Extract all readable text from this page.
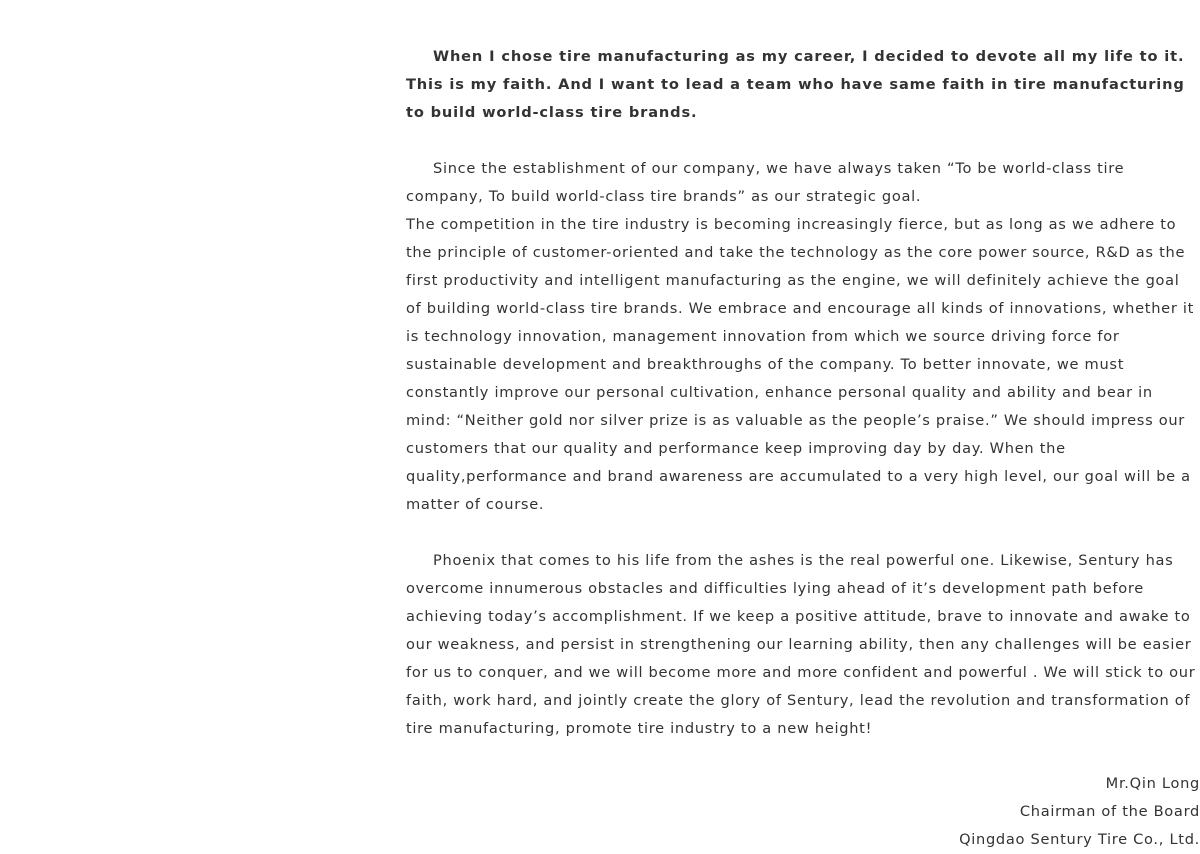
When I chose tire manufacturing as my career, I decided to devote all my life to it. This is my faith. And I want to lead a team who have same faith in tire manufacturing to build world-class tire brands.

Since the establishment of our company, we have always taken “To be world-class tire company, To build world-class tire brands” as our strategic goal.

The competition in the tire industry is becoming increasingly fierce, but as long as we adhere to the principle of customer-oriented and take the technology as the core power source, R&D as the first productivity and intelligent manufacturing as the engine, we will definitely achieve the goal of building world-class tire brands. We embrace and encourage all kinds of innovations, whether it is technology innovation, management innovation from which we source driving force for sustainable development and breakthroughs of the company. To better innovate, we must constantly improve our personal cultivation, enhance personal quality and ability and bear in mind: “Neither gold nor silver prize is as valuable as the people’s praise.” We should impress our customers that our quality and performance keep improving day by day. When the quality,performance and brand awareness are accumulated to a very high level, our goal will be a matter of course.

Phoenix that comes to his life from the ashes is the real powerful one. Likewise, Sentury has overcome innumerous obstacles and difficulties lying ahead of it’s development path before achieving today’s accomplishment. If we keep a positive attitude, brave to innovate and awake to our weakness, and persist in strengthening our learning ability, then any challenges will be easier for us to conquer, and we will become more and more confident and powerful . We will stick to our faith, work hard, and jointly create the glory of Sentury, lead the revolution and transformation of tire manufacturing, promote tire industry to a new height!

Mr.Qin Long
Chairman of the Board
Qingdao Sentury Tire Co., Ltd.
